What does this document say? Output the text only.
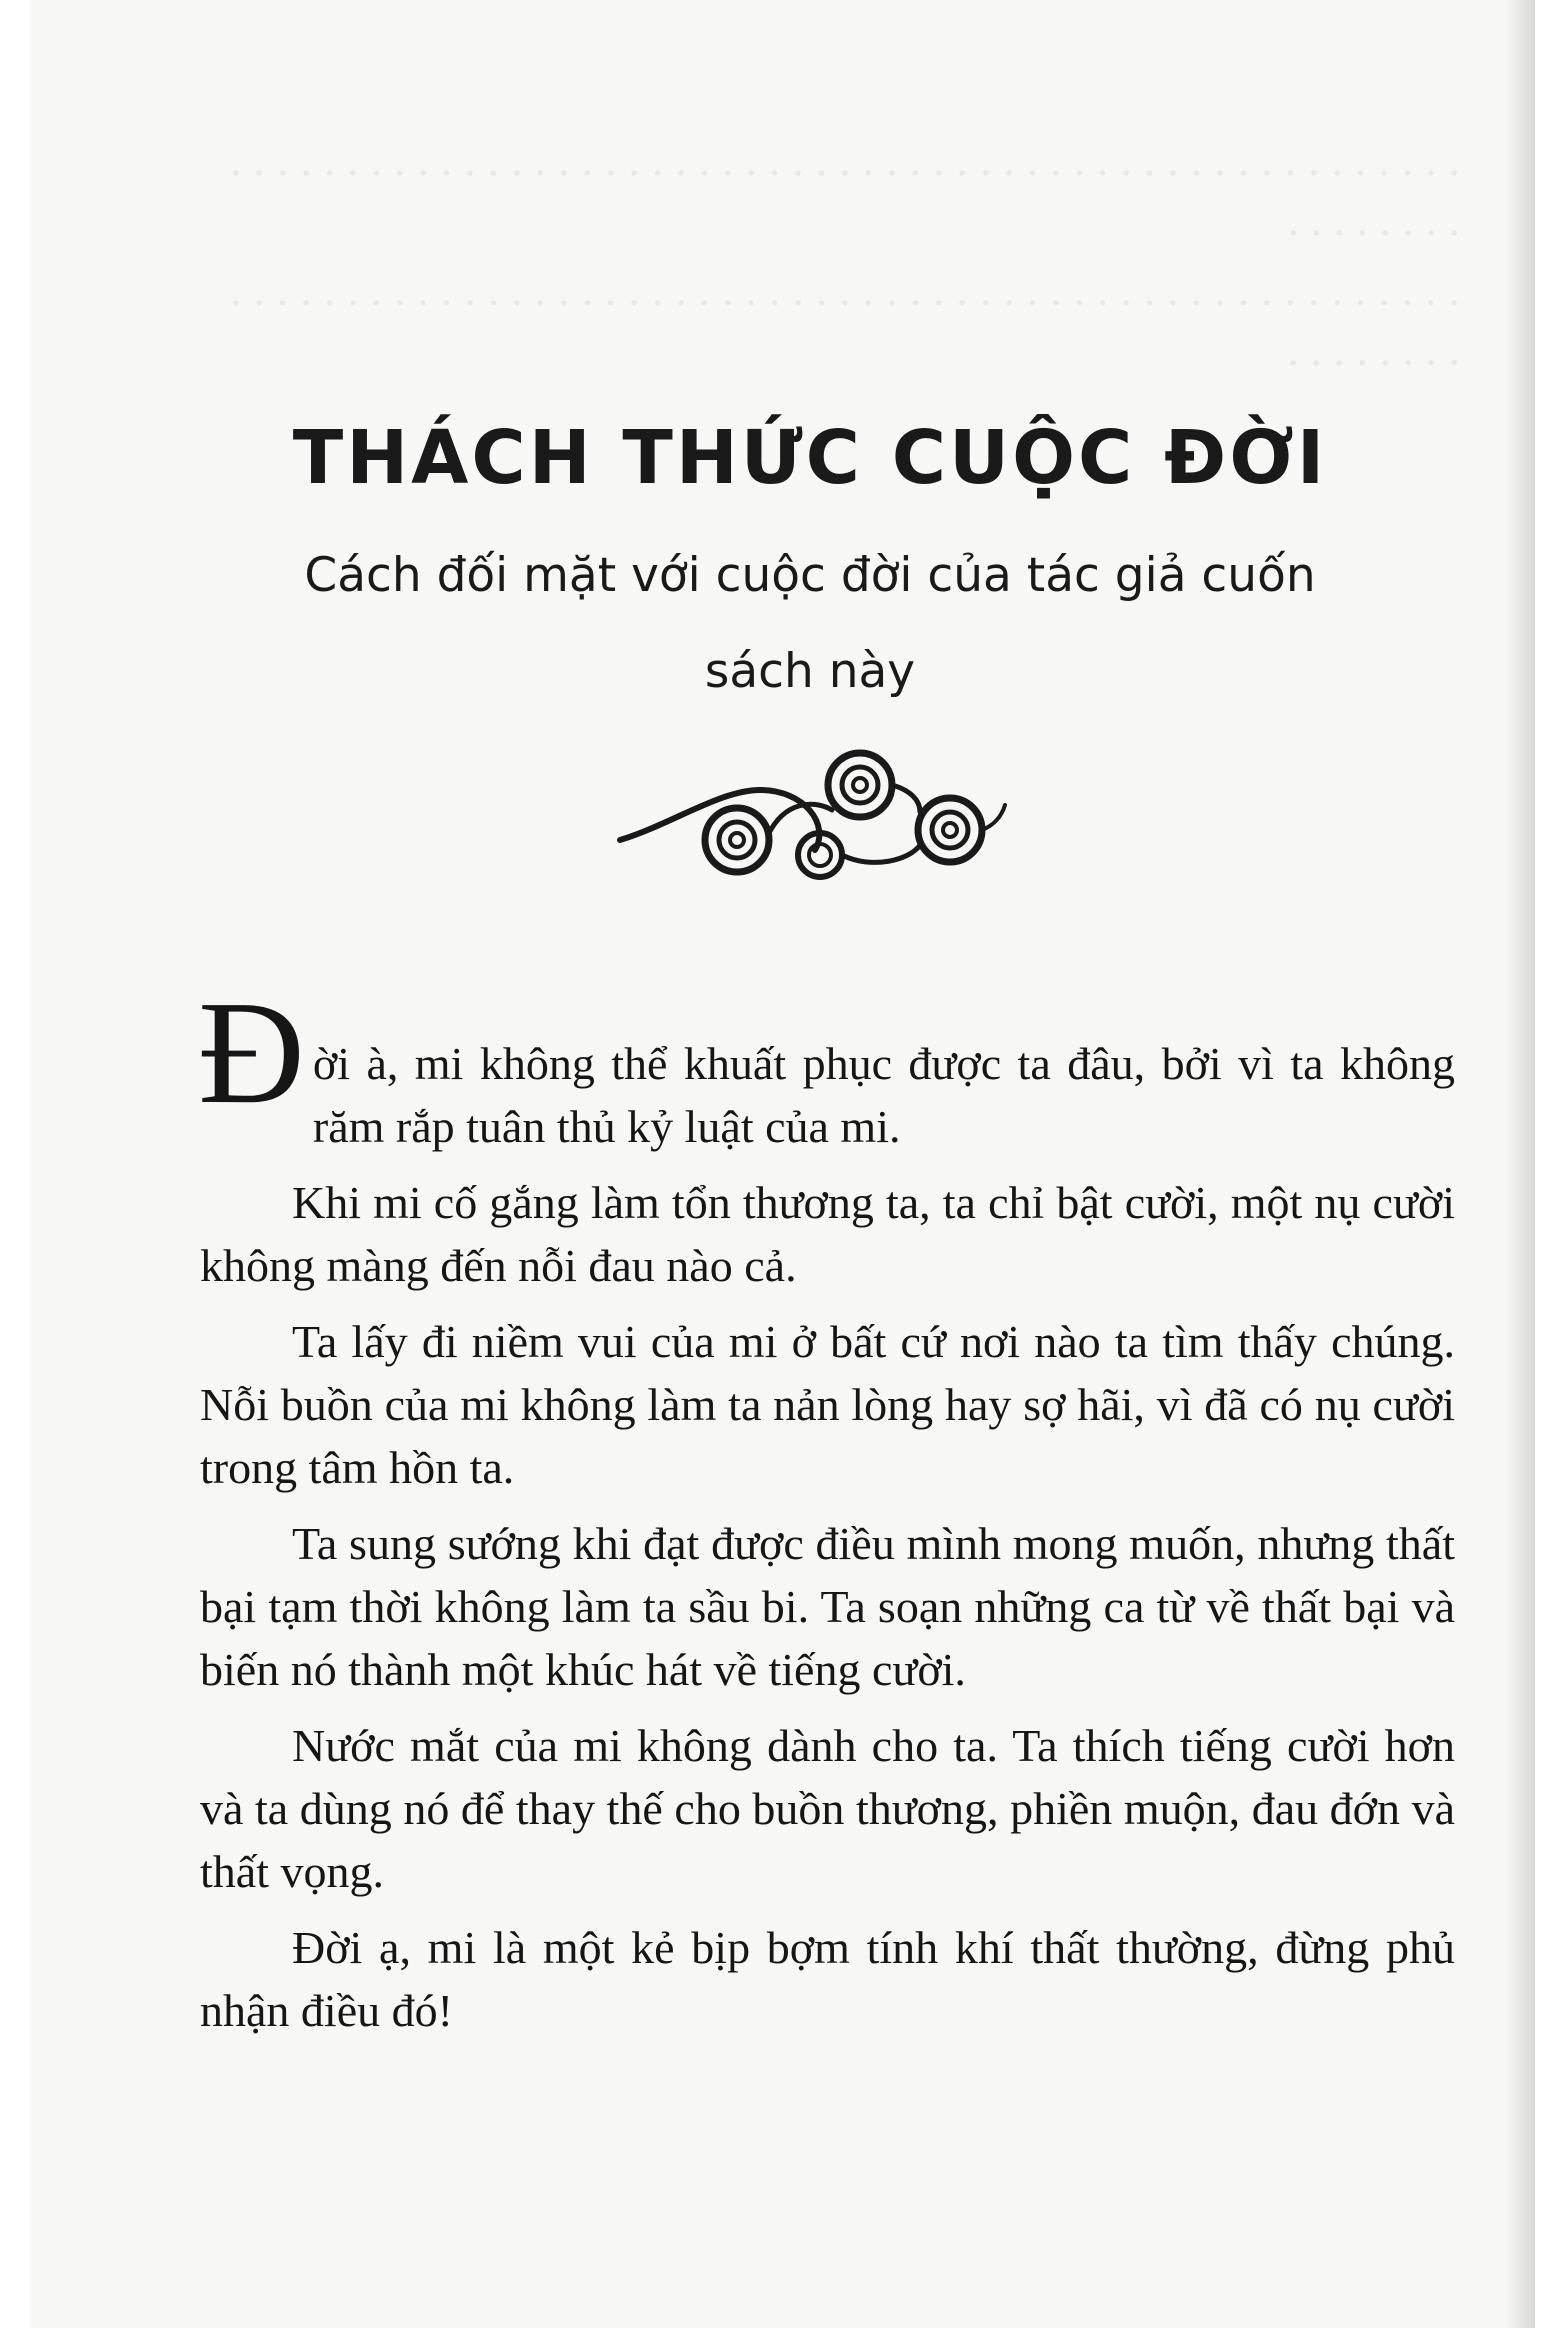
. . . . . . . . . . . . . . . . . . . . . . . . . . . . . . . . . . . . . . . . . . . . . . . . . . . . . . . . . . . . .

. . . . . . . . . . . . . . . . . . . . . . . . . . . . . . . . . . . . . . . . . . . . . . . . . . . . . . . . . . . . .

THÁCH THỨC CUỘC ĐỜI

Cách đối mặt với cuộc đời của tác giả cuốn sách này

Đời à, mi không thể khuất phục được ta đâu, bởi vì ta không răm rắp tuân thủ kỷ luật của mi.

Khi mi cố gắng làm tổn thương ta, ta chỉ bật cười, một nụ cười không màng đến nỗi đau nào cả.

Ta lấy đi niềm vui của mi ở bất cứ nơi nào ta tìm thấy chúng. Nỗi buồn của mi không làm ta nản lòng hay sợ hãi, vì đã có nụ cười trong tâm hồn ta.

Ta sung sướng khi đạt được điều mình mong muốn, nhưng thất bại tạm thời không làm ta sầu bi. Ta soạn những ca từ về thất bại và biến nó thành một khúc hát về tiếng cười.

Nước mắt của mi không dành cho ta. Ta thích tiếng cười hơn và ta dùng nó để thay thế cho buồn thương, phiền muộn, đau đớn và thất vọng.

Đời ạ, mi là một kẻ bịp bợm tính khí thất thường, đừng phủ nhận điều đó!
